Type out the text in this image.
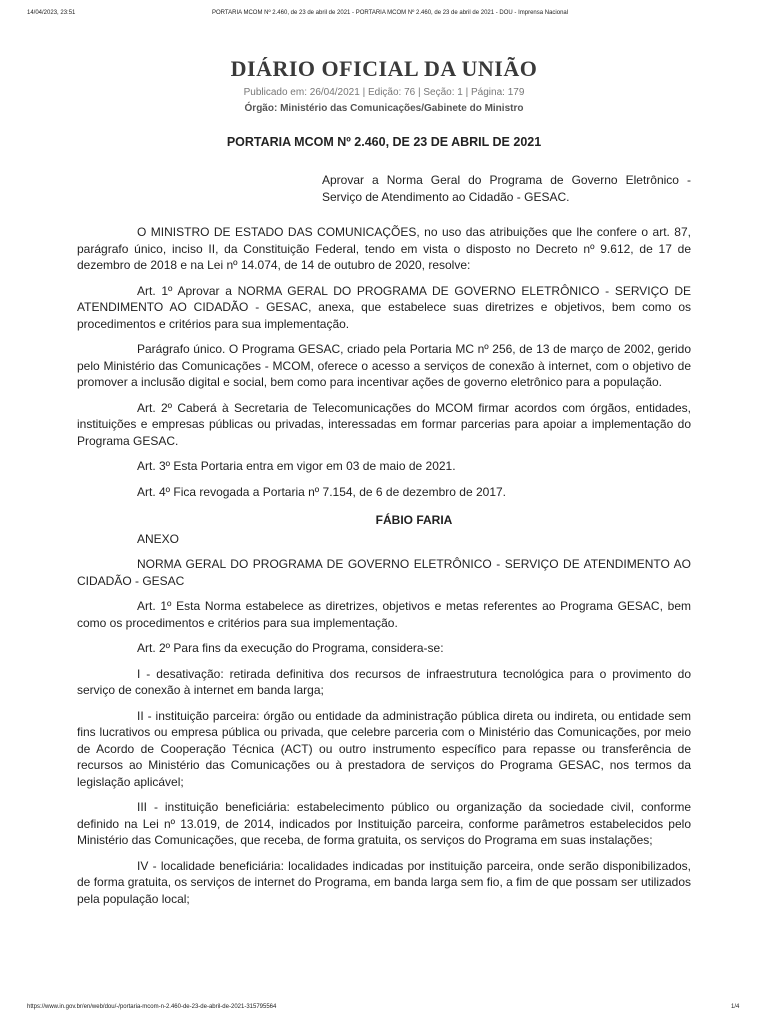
14/04/2023, 23:51	PORTARIA MCOM Nº 2.460, de 23 de abril de 2021 - PORTARIA MCOM Nº 2.460, de 23 de abril de 2021 - DOU - Imprensa Nacional
DIÁRIO OFICIAL DA UNIÃO
Publicado em: 26/04/2021 | Edição: 76 | Seção: 1 | Página: 179
Órgão: Ministério das Comunicações/Gabinete do Ministro
PORTARIA MCOM Nº 2.460, DE 23 DE ABRIL DE 2021
Aprovar a Norma Geral do Programa de Governo Eletrônico - Serviço de Atendimento ao Cidadão - GESAC.

O MINISTRO DE ESTADO DAS COMUNICAÇÕES, no uso das atribuições que lhe confere o art. 87, parágrafo único, inciso II, da Constituição Federal, tendo em vista o disposto no Decreto nº 9.612, de 17 de dezembro de 2018 e na Lei nº 14.074, de 14 de outubro de 2020, resolve:

Art. 1º Aprovar a NORMA GERAL DO PROGRAMA DE GOVERNO ELETRÔNICO - SERVIÇO DE ATENDIMENTO AO CIDADÃO - GESAC, anexa, que estabelece suas diretrizes e objetivos, bem como os procedimentos e critérios para sua implementação.

Parágrafo único. O Programa GESAC, criado pela Portaria MC nº 256, de 13 de março de 2002, gerido pelo Ministério das Comunicações - MCOM, oferece o acesso a serviços de conexão à internet, com o objetivo de promover a inclusão digital e social, bem como para incentivar ações de governo eletrônico para a população.

Art. 2º Caberá à Secretaria de Telecomunicações do MCOM firmar acordos com órgãos, entidades, instituições e empresas públicas ou privadas, interessadas em formar parcerias para apoiar a implementação do Programa GESAC.

Art. 3º Esta Portaria entra em vigor em 03 de maio de 2021.

Art. 4º Fica revogada a Portaria nº 7.154, de 6 de dezembro de 2017.

FÁBIO FARIA

ANEXO

NORMA GERAL DO PROGRAMA DE GOVERNO ELETRÔNICO - SERVIÇO DE ATENDIMENTO AO CIDADÃO - GESAC

Art. 1º Esta Norma estabelece as diretrizes, objetivos e metas referentes ao Programa GESAC, bem como os procedimentos e critérios para sua implementação.

Art. 2º Para fins da execução do Programa, considera-se:

I - desativação: retirada definitiva dos recursos de infraestrutura tecnológica para o provimento do serviço de conexão à internet em banda larga;

II - instituição parceira: órgão ou entidade da administração pública direta ou indireta, ou entidade sem fins lucrativos ou empresa pública ou privada, que celebre parceria com o Ministério das Comunicações, por meio de Acordo de Cooperação Técnica (ACT) ou outro instrumento específico para repasse ou transferência de recursos ao Ministério das Comunicações ou à prestadora de serviços do Programa GESAC, nos termos da legislação aplicável;

III - instituição beneficiária: estabelecimento público ou organização da sociedade civil, conforme definido na Lei nº 13.019, de 2014, indicados por Instituição parceira, conforme parâmetros estabelecidos pelo Ministério das Comunicações, que receba, de forma gratuita, os serviços do Programa em suas instalações;

IV - localidade beneficiária: localidades indicadas por instituição parceira, onde serão disponibilizados, de forma gratuita, os serviços de internet do Programa, em banda larga sem fio, a fim de que possam ser utilizados pela população local;

https://www.in.gov.br/en/web/dou/-/portaria-mcom-n-2.460-de-23-de-abril-de-2021-315795564	1/4
